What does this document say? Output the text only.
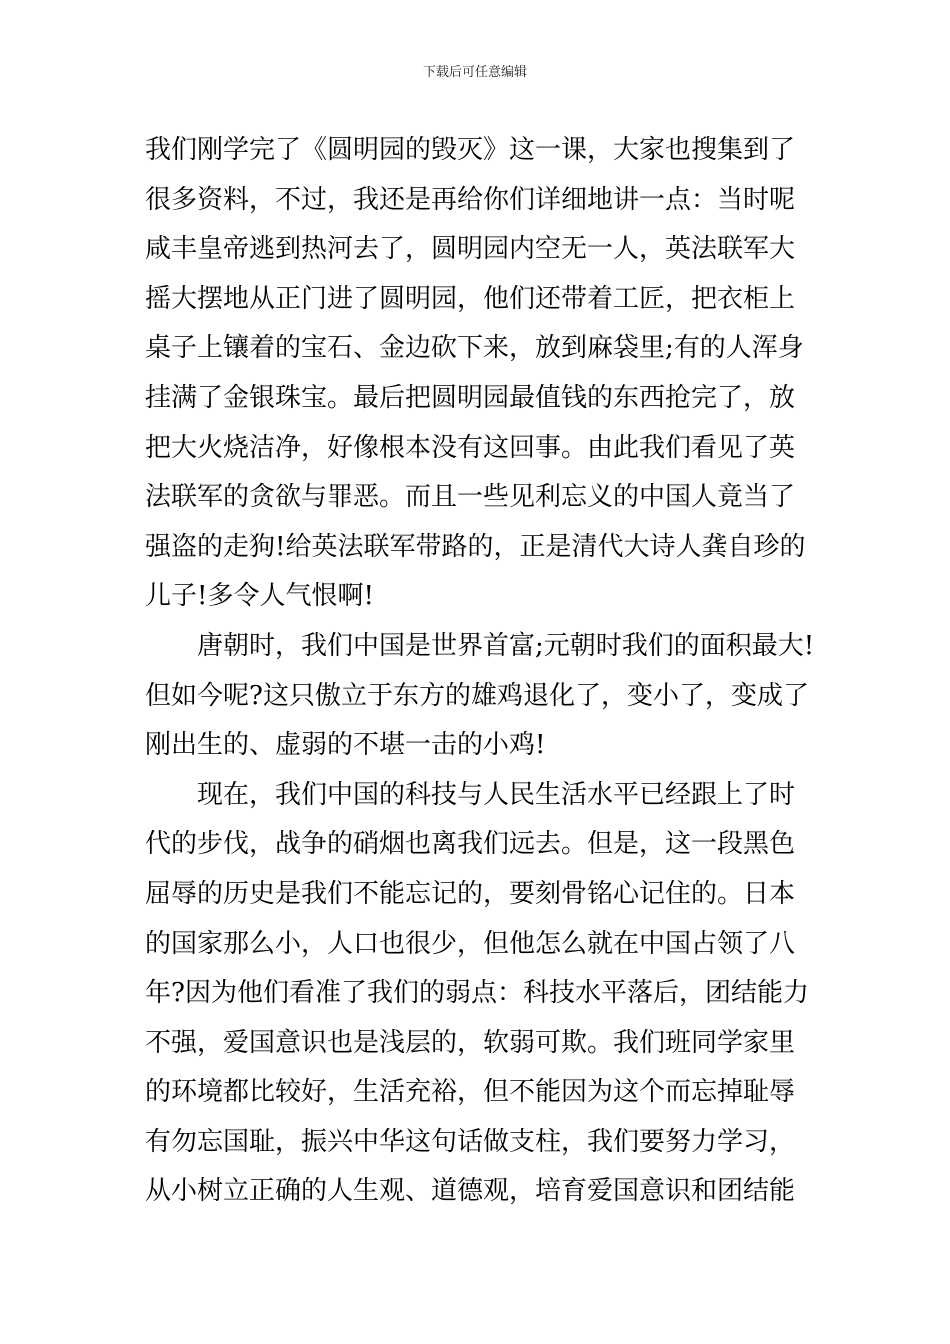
下载后可任意编辑
我们刚学完了《圆明园的毁灭》这一课，大家也搜集到了
很多资料，不过，我还是再给你们详细地讲一点：当时呢
咸丰皇帝逃到热河去了，圆明园内空无一人，英法联军大
摇大摆地从正门进了圆明园，他们还带着工匠，把衣柜上
桌子上镶着的宝石、金边砍下来，放到麻袋里;有的人浑身
挂满了金银珠宝。最后把圆明园最值钱的东西抢完了，放
把大火烧洁净，好像根本没有这回事。由此我们看见了英
法联军的贪欲与罪恶。而且一些见利忘义的中国人竟当了
强盗的走狗!给英法联军带路的，正是清代大诗人龚自珍的
儿子!多令人气恨啊!
唐朝时，我们中国是世界首富;元朝时我们的面积最大!
但如今呢?这只傲立于东方的雄鸡退化了，变小了，变成了
刚出生的、虚弱的不堪一击的小鸡!
现在，我们中国的科技与人民生活水平已经跟上了时
代的步伐，战争的硝烟也离我们远去。但是，这一段黑色
屈辱的历史是我们不能忘记的，要刻骨铭心记住的。日本
的国家那么小，人口也很少，但他怎么就在中国占领了八
年?因为他们看准了我们的弱点：科技水平落后，团结能力
不强，爱国意识也是浅层的，软弱可欺。我们班同学家里
的环境都比较好，生活充裕，但不能因为这个而忘掉耻辱
有勿忘国耻，振兴中华这句话做支柱，我们要努力学习，
从小树立正确的人生观、道德观，培育爱国意识和团结能
